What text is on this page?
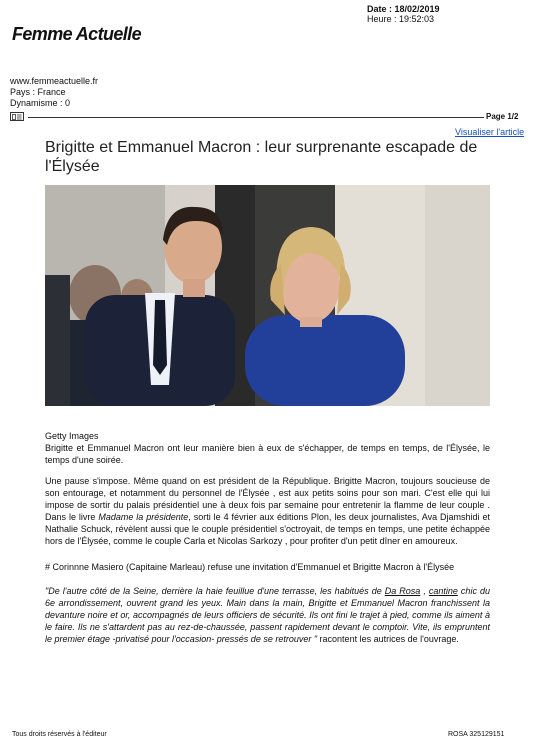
Date : 18/02/2019
Heure : 19:52:03
Femme Actuelle
www.femmeactuelle.fr
Pays : France
Dynamisme : 0
Page 1/2
Visualiser l'article
Brigitte et Emmanuel Macron : leur surprenante escapade de l'Élysée
Getty Images
Brigitte et Emmanuel Macron ont leur manière bien à eux de s'échapper, de temps en temps, de l'Élysée, le temps d'une soirée.
Une pause s'impose. Même quand on est président de la République. Brigitte Macron, toujours soucieuse de son entourage, et notamment du personnel de l'Élysée , est aux petits soins pour son mari. C'est elle qui lui impose de sortir du palais présidentiel une à deux fois par semaine pour entretenir la flamme de leur couple . Dans le livre Madame la présidente, sorti le 4 février aux éditions Plon, les deux journalistes, Ava Djamshidi et Nathalie Schuck, révèlent aussi que le couple présidentiel s'octroyait, de temps en temps, une petite échappée hors de l'Élysée, comme le couple Carla et Nicolas Sarkozy , pour profiter d'un petit dîner en amoureux.
# Corinnne Masiero (Capitaine Marleau) refuse une invitation d'Emmanuel et Brigitte Macron à l'Élysée
"De l'autre côté de la Seine, derrière la haie feuillue d'une terrasse, les habitués de Da Rosa , cantine chic du 6e arrondissement, ouvrent grand les yeux. Main dans la main, Brigitte et Emmanuel Macron franchissent la devanture noire et or, accompagnés de leurs officiers de sécurité. Ils ont fini le trajet à pied, comme ils aiment à le faire. Ils ne s'attardent pas au rez-de-chaussée, passent rapidement devant le comptoir. Vite, ils empruntent le premier étage -privatisé pour l'occasion- pressés de se retrouver " racontent les autrices de l'ouvrage.
Tous droits réservés à l'éditeur	ROSA 325129151
